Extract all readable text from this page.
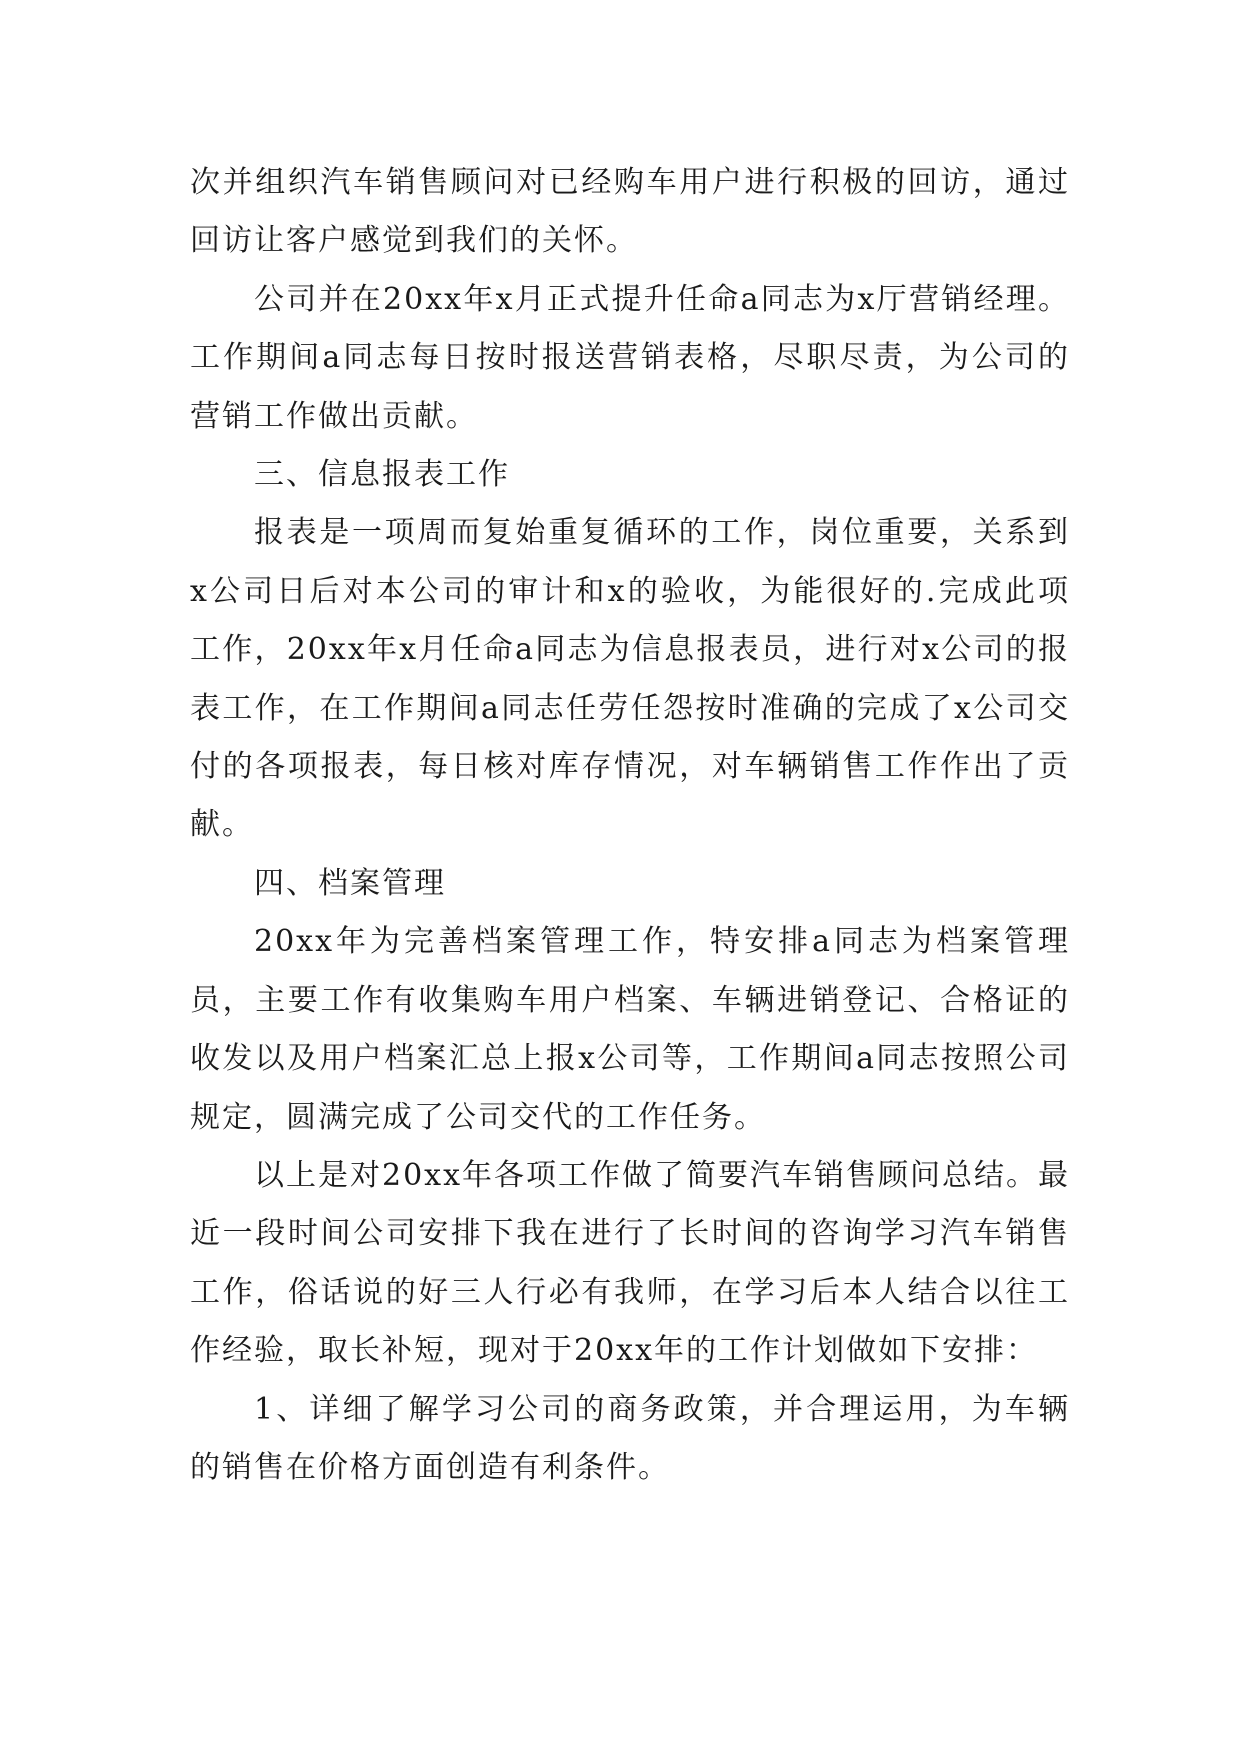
次并组织汽车销售顾问对已经购车用户进行积极的回访，通过回访让客户感觉到我们的关怀。

公司并在20xx年x月正式提升任命a同志为x厅营销经理。工作期间a同志每日按时报送营销表格，尽职尽责，为公司的营销工作做出贡献。

三、信息报表工作

报表是一项周而复始重复循环的工作，岗位重要，关系到x公司日后对本公司的审计和x的验收，为能很好的.完成此项工作，20xx年x月任命a同志为信息报表员，进行对x公司的报表工作，在工作期间a同志任劳任怨按时准确的完成了x公司交付的各项报表，每日核对库存情况，对车辆销售工作作出了贡献。

四、档案管理

20xx年为完善档案管理工作，特安排a同志为档案管理员，主要工作有收集购车用户档案、车辆进销登记、合格证的收发以及用户档案汇总上报x公司等，工作期间a同志按照公司规定，圆满完成了公司交代的工作任务。

以上是对20xx年各项工作做了简要汽车销售顾问总结。最近一段时间公司安排下我在进行了长时间的咨询学习汽车销售工作，俗话说的好三人行必有我师，在学习后本人结合以往工作经验，取长补短，现对于20xx年的工作计划做如下安排：

1、详细了解学习公司的商务政策，并合理运用，为车辆的销售在价格方面创造有利条件。
